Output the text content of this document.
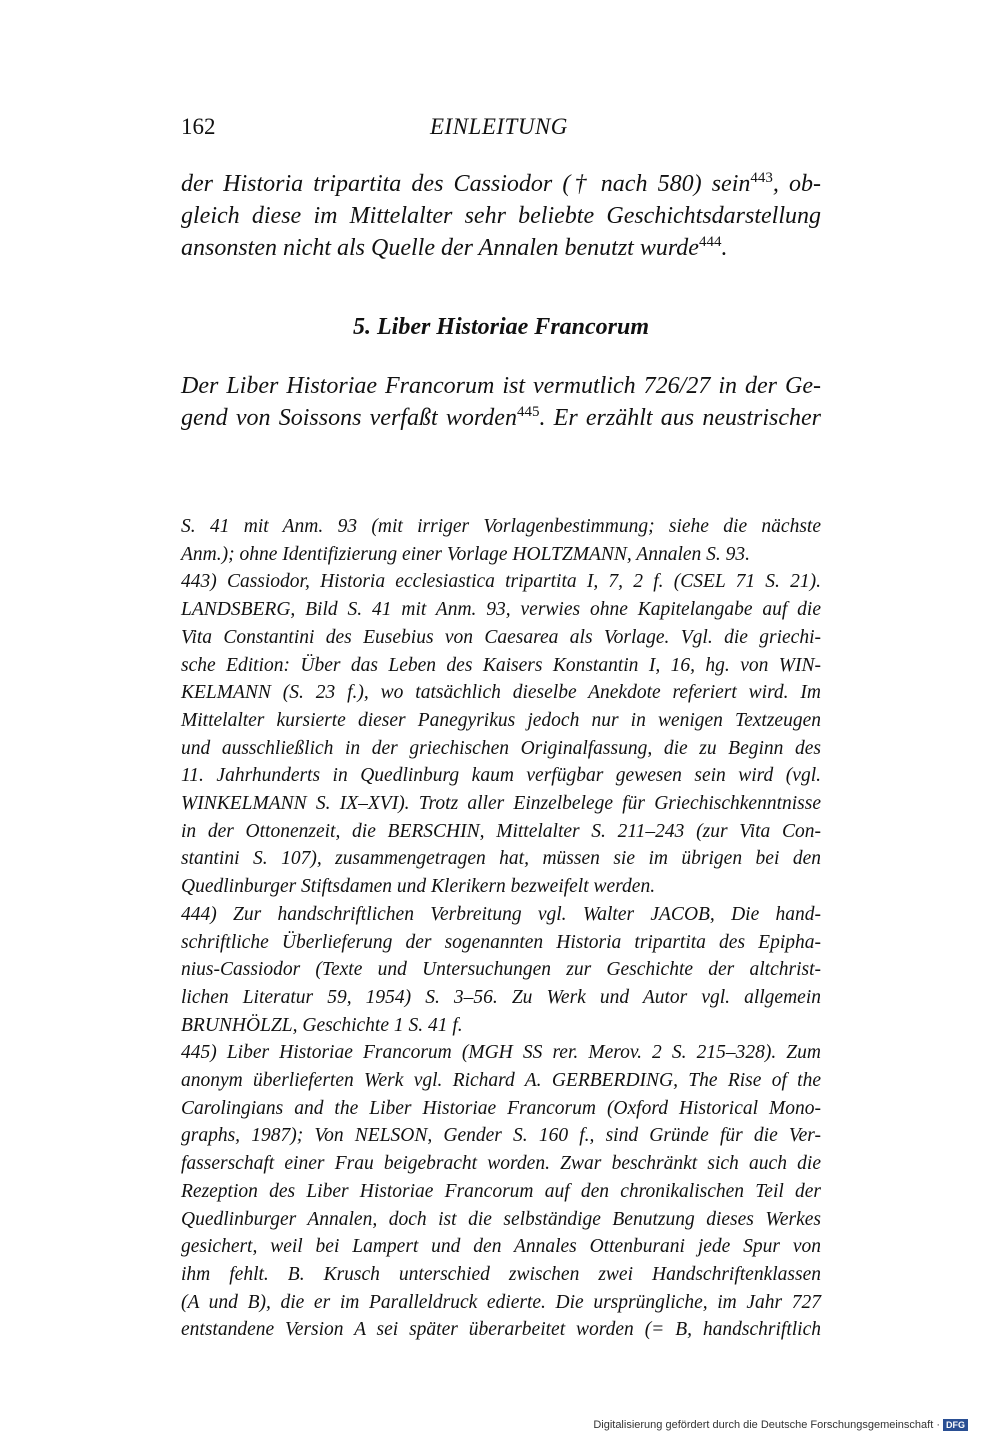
162	EINLEITUNG

der Historia tripartita des Cassiodor († nach 580) sein$^{443}$, ob-
gleich diese im Mittelalter sehr beliebte Geschichtsdarstellung
ansonsten nicht als Quelle der Annalen benutzt wurde$^{444}$.

5. Liber Historiae Francorum

Der Liber Historiae Francorum ist vermutlich 726/27 in der Ge-
gend von Soissons verfaßt worden$^{445}$. Er erzählt aus neustrischer

S. 41 mit Anm. 93 (mit irriger Vorlagenbestimmung; siehe die nächste
Anm.); ohne Identifizierung einer Vorlage HOLTZMANN, Annalen S. 93.
443) Cassiodor, Historia ecclesiastica tripartita I, 7, 2 f. (CSEL 71 S. 21).
LANDSBERG, Bild S. 41 mit Anm. 93, verwies ohne Kapitelangabe auf die
Vita Constantini des Eusebius von Caesarea als Vorlage. Vgl. die griechi-
sche Edition: Über das Leben des Kaisers Konstantin I, 16, hg. von WIN-
KELMANN (S. 23 f.), wo tatsächlich dieselbe Anekdote referiert wird. Im
Mittelalter kursierte dieser Panegyrikus jedoch nur in wenigen Textzeugen
und ausschließlich in der griechischen Originalfassung, die zu Beginn des
11. Jahrhunderts in Quedlinburg kaum verfügbar gewesen sein wird (vgl.
WINKELMANN S. IX–XVI). Trotz aller Einzelbelege für Griechischkenntnisse
in der Ottonenzeit, die BERSCHIN, Mittelalter S. 211–243 (zur Vita Con-
stantini S. 107), zusammengetragen hat, müssen sie im übrigen bei den
Quedlinburger Stiftsdamen und Klerikern bezweifelt werden.
444) Zur handschriftlichen Verbreitung vgl. Walter JACOB, Die hand-
schriftliche Überlieferung der sogenannten Historia tripartita des Epipha-
nius-Cassiodor (Texte und Untersuchungen zur Geschichte der altchrist-
lichen Literatur 59, 1954) S. 3–56. Zu Werk und Autor vgl. allgemein
BRUNHÖLZL, Geschichte 1 S. 41 f.
445) Liber Historiae Francorum (MGH SS rer. Merov. 2 S. 215–328). Zum
anonym überlieferten Werk vgl. Richard A. GERBERDING, The Rise of the
Carolingians and the Liber Historiae Francorum (Oxford Historical Mono-
graphs, 1987); Von NELSON, Gender S. 160 f., sind Gründe für die Ver-
fasserschaft einer Frau beigebracht worden. Zwar beschränkt sich auch die
Rezeption des Liber Historiae Francorum auf den chronikalischen Teil der
Quedlinburger Annalen, doch ist die selbständige Benutzung dieses Werkes
gesichert, weil bei Lampert und den Annales Ottenburani jede Spur von
ihm fehlt. B. Krusch unterschied zwischen zwei Handschriftenklassen
(A und B), die er im Paralleldruck edierte. Die ursprüngliche, im Jahr 727
entstandene Version A sei später überarbeitet worden (= B, handschriftlich
Digitalisierung gefördert durch die Deutsche Forschungsgemeinschaft · DFG
